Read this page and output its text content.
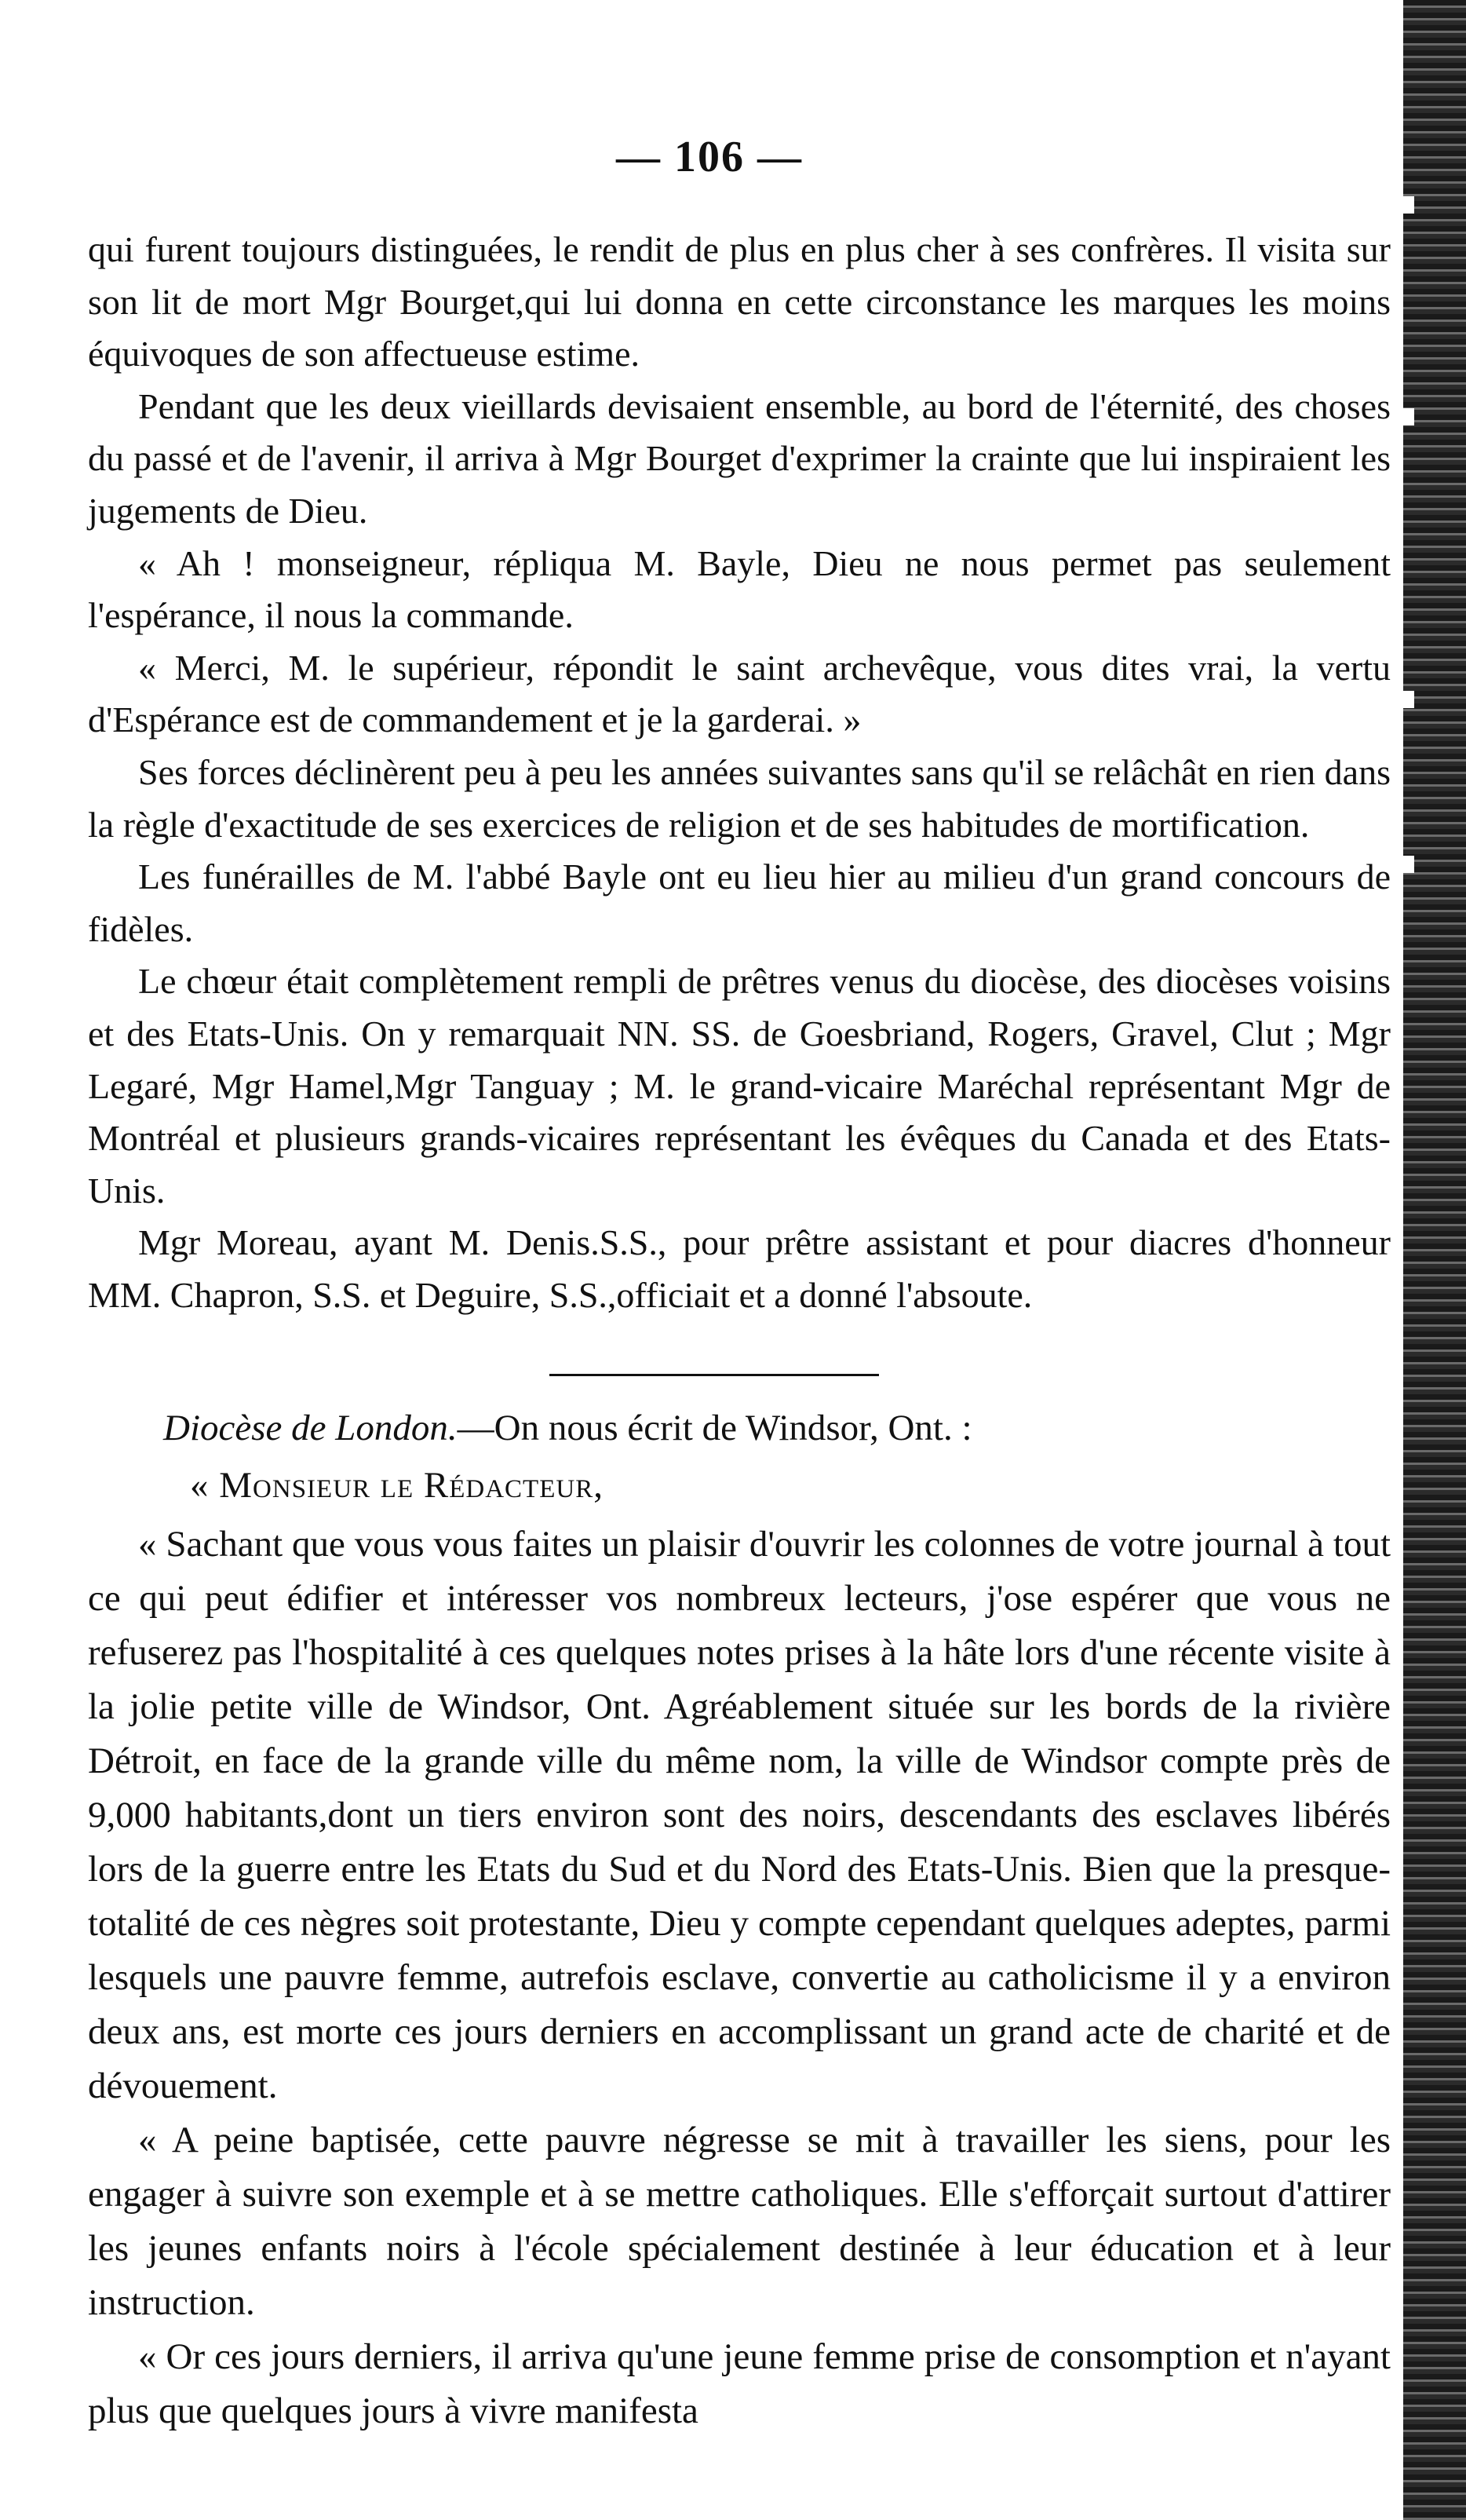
— 106 —

qui furent toujours distinguées, le rendit de plus en plus cher à ses confrères. Il visita sur son lit de mort Mgr Bourget,qui lui donna en cette circonstance les marques les moins équivoques de son affectueuse estime.

Pendant que les deux vieillards devisaient ensemble, au bord de l'éternité, des choses du passé et de l'avenir, il arriva à Mgr Bourget d'exprimer la crainte que lui inspiraient les jugements de Dieu.

« Ah ! monseigneur, répliqua M. Bayle, Dieu ne nous permet pas seulement l'espérance, il nous la commande.

« Merci, M. le supérieur, répondit le saint archevêque, vous dites vrai, la vertu d'Espérance est de commandement et je la garderai. »

Ses forces déclinèrent peu à peu les années suivantes sans qu'il se relâchât en rien dans la règle d'exactitude de ses exercices de religion et de ses habitudes de mortification.

Les funérailles de M. l'abbé Bayle ont eu lieu hier au milieu d'un grand concours de fidèles.

Le chœur était complètement rempli de prêtres venus du diocèse, des diocèses voisins et des Etats-Unis. On y remarquait NN. SS. de Goesbriand, Rogers, Gravel, Clut ; Mgr Legaré, Mgr Hamel,Mgr Tanguay ; M. le grand-vicaire Maréchal représentant Mgr de Montréal et plusieurs grands-vicaires représentant les évêques du Canada et des Etats-Unis.

Mgr Moreau, ayant M. Denis.S.S., pour prêtre assistant et pour diacres d'honneur MM. Chapron, S.S. et Deguire, S.S.,officiait et a donné l'absoute.

Diocèse de London.—On nous écrit de Windsor, Ont. :

« Monsieur le Rédacteur,

« Sachant que vous vous faites un plaisir d'ouvrir les colonnes de votre journal à tout ce qui peut édifier et intéresser vos nombreux lecteurs, j'ose espérer que vous ne refuserez pas l'hospitalité à ces quelques notes prises à la hâte lors d'une récente visite à la jolie petite ville de Windsor, Ont. Agréablement située sur les bords de la rivière Détroit, en face de la grande ville du même nom, la ville de Windsor compte près de 9,000 habitants,dont un tiers environ sont des noirs, descendants des esclaves libérés lors de la guerre entre les Etats du Sud et du Nord des Etats-Unis. Bien que la presque-totalité de ces nègres soit protestante, Dieu y compte cependant quelques adeptes, parmi lesquels une pauvre femme, autrefois esclave, convertie au catholicisme il y a environ deux ans, est morte ces jours derniers en accomplissant un grand acte de charité et de dévouement.

« A peine baptisée, cette pauvre négresse se mit à travailler les siens, pour les engager à suivre son exemple et à se mettre catholiques. Elle s'efforçait surtout d'attirer les jeunes enfants noirs à l'école spécialement destinée à leur éducation et à leur instruction.

« Or ces jours derniers, il arriva qu'une jeune femme prise de consomption et n'ayant plus que quelques jours à vivre manifesta
